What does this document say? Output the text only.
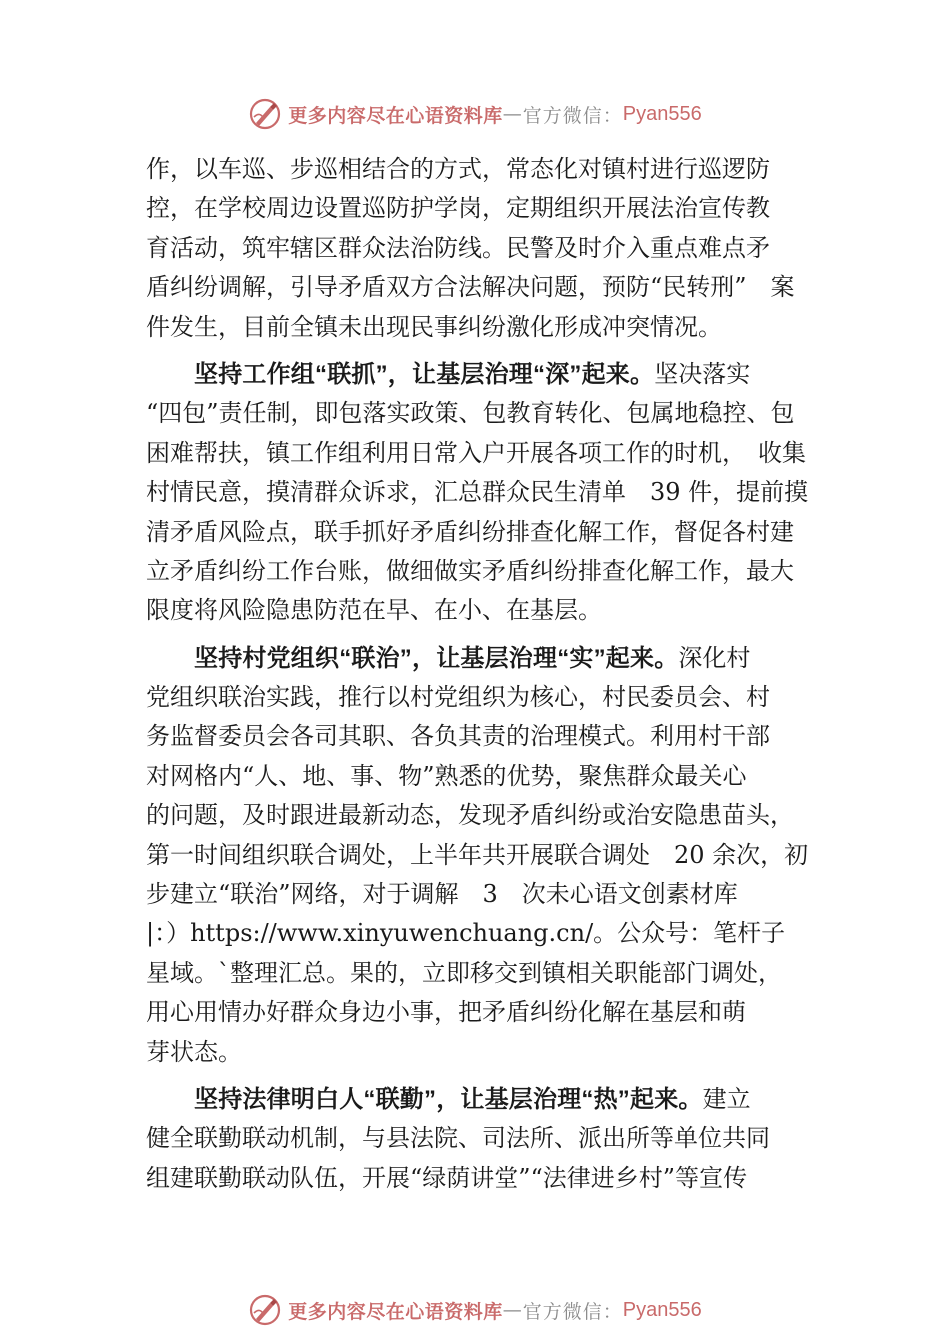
更多内容尽在心语资料库 — 官方微信： Pyan556
作，以车巡、步巡相结合的方式，常态化对镇村进行巡逻防
控，在学校周边设置巡防护学岗，定期组织开展法治宣传教
育活动，筑牢辖区群众法治防线。民警及时介入重点难点矛
盾纠纷调解，引导矛盾双方合法解决问题，预防“民转刑”　案
件发生，目前全镇未出现民事纠纷激化形成冲突情况。
坚持工作组“联抓”，让基层治理“深”起来。坚决落实
“四包”责任制，即包落实政策、包教育转化、包属地稳控、包
困难帮扶，镇工作组利用日常入户开展各项工作的时机，　收集
村情民意，摸清群众诉求，汇总群众民生清单　39 件，提前摸
清矛盾风险点，联手抓好矛盾纠纷排查化解工作，督促各村建
立矛盾纠纷工作台账，做细做实矛盾纠纷排查化解工作，最大
限度将风险隐患防范在早、在小、在基层。
坚持村党组织“联治”，让基层治理“实”起来。深化村
党组织联治实践，推行以村党组织为核心，村民委员会、村
务监督委员会各司其职、各负其责的治理模式。利用村干部
对网格内“人、地、事、物”熟悉的优势，聚焦群众最关心
的问题，及时跟进最新动态，发现矛盾纠纷或治安隐患苗头，
第一时间组织联合调处，上半年共开展联合调处　20 余次，初
步建立“联治”网络，对于调解　3　次未心语文创素材库
|：）https://www.xinyuwenchuang.cn/。公众号：笔杆子
星域。`整理汇总。果的，立即移交到镇相关职能部门调处，
用心用情办好群众身边小事，把矛盾纠纷化解在基层和萌
芽状态。
坚持法律明白人“联勤”，让基层治理“热”起来。建立
健全联勤联动机制，与县法院、司法所、派出所等单位共同
组建联勤联动队伍，开展“绿荫讲堂”“法律进乡村”等宣传
更多内容尽在心语资料库 — 官方微信： Pyan556
